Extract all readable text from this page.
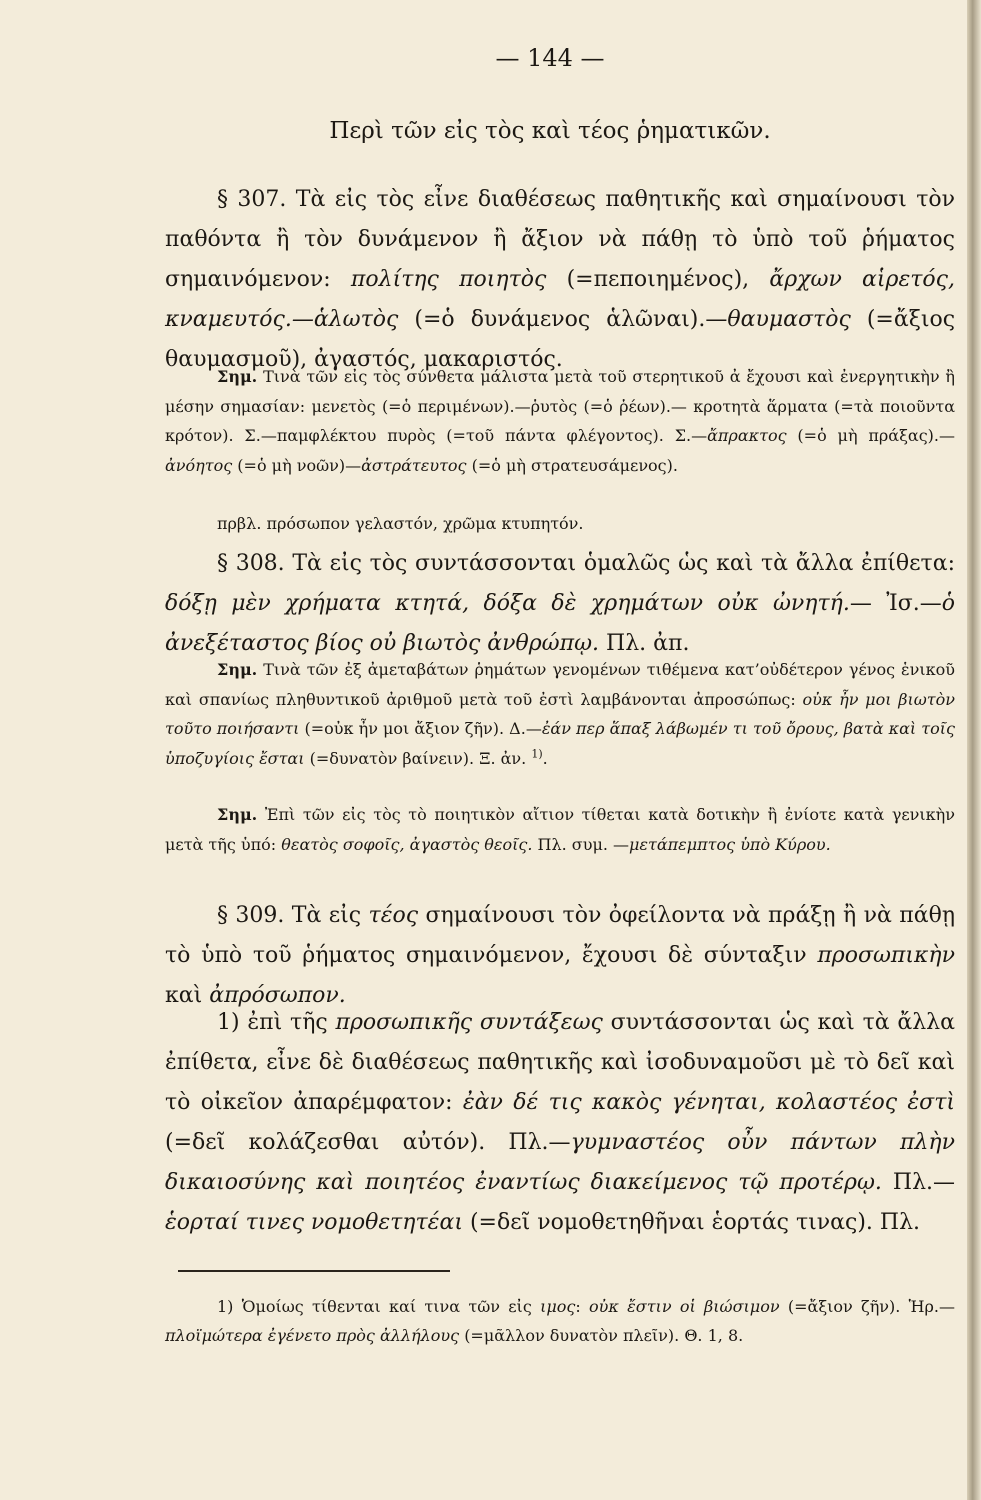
— 144 —
Περὶ τῶν εἰς τὸς καὶ τέος ῥηματικῶν.
§ 307. Τὰ εἰς τὸς εἶνε διαθέσεως παθητικῆς καὶ σημαίνουσι τὸν παθόντα ἢ τὸν δυνάμενον ἢ ἄξιον νὰ πάθῃ τὸ ὑπὸ τοῦ ῥήματος σημαινόμενον: πολίτης ποιητὸς (=πεποιημένος), ἄρχων αἱρετός, κναμευτός.—ἁλωτὸς (=ὁ δυνάμενος ἁλῶναι).—θαυμαστὸς (=ἄξιος θαυμασμοῦ), ἀγαστός, μακαριστός.
Σημ. Τινὰ τῶν εἰς τὸς σύνθετα μάλιστα μετὰ τοῦ στερητικοῦ ἀ ἔχουσι καὶ ἐνεργητικὴν ἢ μέσην σημασίαν: μενετὸς (=ὁ περιμένων).—ῥυτὸς (=ὁ ῥέων).— κροτητὰ ἅρματα (=τὰ ποιοῦντα κρότον). Σ.—παμφλέκτου πυρὸς (=τοῦ πάντα φλέγοντος). Σ.—ἄπρακτος (=ὁ μὴ πράξας).—ἀνόητος (=ὁ μὴ νοῶν)—ἀστράτευτος (=ὁ μὴ στρατευσάμενος).
πρβλ. πρόσωπον γελαστόν, χρῶμα κτυπητόν.
§ 308. Τὰ εἰς τὸς συντάσσονται ὁμαλῶς ὡς καὶ τὰ ἄλλα ἐπίθετα: δόξῃ μὲν χρήματα κτητά, δόξα δὲ χρημάτων οὐκ ὠνητή.— Ἰσ.—ὁ ἀνεξέταστος βίος οὐ βιωτὸς ἀνθρώπῳ. Πλ. ἀπ.
Σημ. Τινὰ τῶν ἐξ ἀμεταβάτων ῥημάτων γενομένων τιθέμενα κατ’οὐδέτερον γένος ἑνικοῦ καὶ σπανίως πληθυντικοῦ ἀριθμοῦ μετὰ τοῦ ἐστὶ λαμβάνονται ἀπροσώπως: οὐκ ἦν μοι βιωτὸν τοῦτο ποιήσαντι (=οὐκ ἦν μοι ἄξιον ζῆν). Δ.—ἐάν περ ἅπαξ λάβωμέν τι τοῦ ὄρους, βατὰ καὶ τοῖς ὑποζυγίοις ἔσται (=δυνατὸν βαίνειν). Ξ. ἀν. $^{1)}$.
Σημ. Ἐπὶ τῶν εἰς τὸς τὸ ποιητικὸν αἴτιον τίθεται κατὰ δοτικὴν ἢ ἐνίοτε κατὰ γενικὴν μετὰ τῆς ὑπό: θεατὸς σοφοῖς, ἀγαστὸς θεοῖς. Πλ. συμ. —μετάπεμπτος ὑπὸ Κύρου.
§ 309. Τὰ εἰς τέος σημαίνουσι τὸν ὀφείλοντα νὰ πράξῃ ἢ νὰ πάθῃ τὸ ὑπὸ τοῦ ῥήματος σημαινόμενον, ἔχουσι δὲ σύνταξιν προσωπικὴν καὶ ἀπρόσωπον.
1) ἐπὶ τῆς προσωπικῆς συντάξεως συντάσσονται ὡς καὶ τὰ ἄλλα ἐπίθετα, εἶνε δὲ διαθέσεως παθητικῆς καὶ ἰσοδυναμοῦσι μὲ τὸ δεῖ καὶ τὸ οἰκεῖον ἀπαρέμφατον: ἐὰν δέ τις κακὸς γένηται, κολαστέος ἐστὶ (=δεῖ κολάζεσθαι αὐτόν). Πλ.—γυμναστέος οὖν πάντων πλὴν δικαιοσύνης καὶ ποιητέος ἐναντίως διακείμενος τῷ προτέρῳ. Πλ.—ἑορταί τινες νομοθετητέαι (=δεῖ νομοθετηθῆναι ἑορτάς τινας). Πλ.
1) Ὁμοίως τίθενται καί τινα τῶν εἰς ιμος: οὐκ ἔστιν οἱ βιώσιμον (=ἄξιον ζῆν). Ἡρ.—πλοϊμώτερα ἐγένετο πρὸς ἀλλήλους (=μᾶλλον δυνατὸν πλεῖν). Θ. 1, 8.
